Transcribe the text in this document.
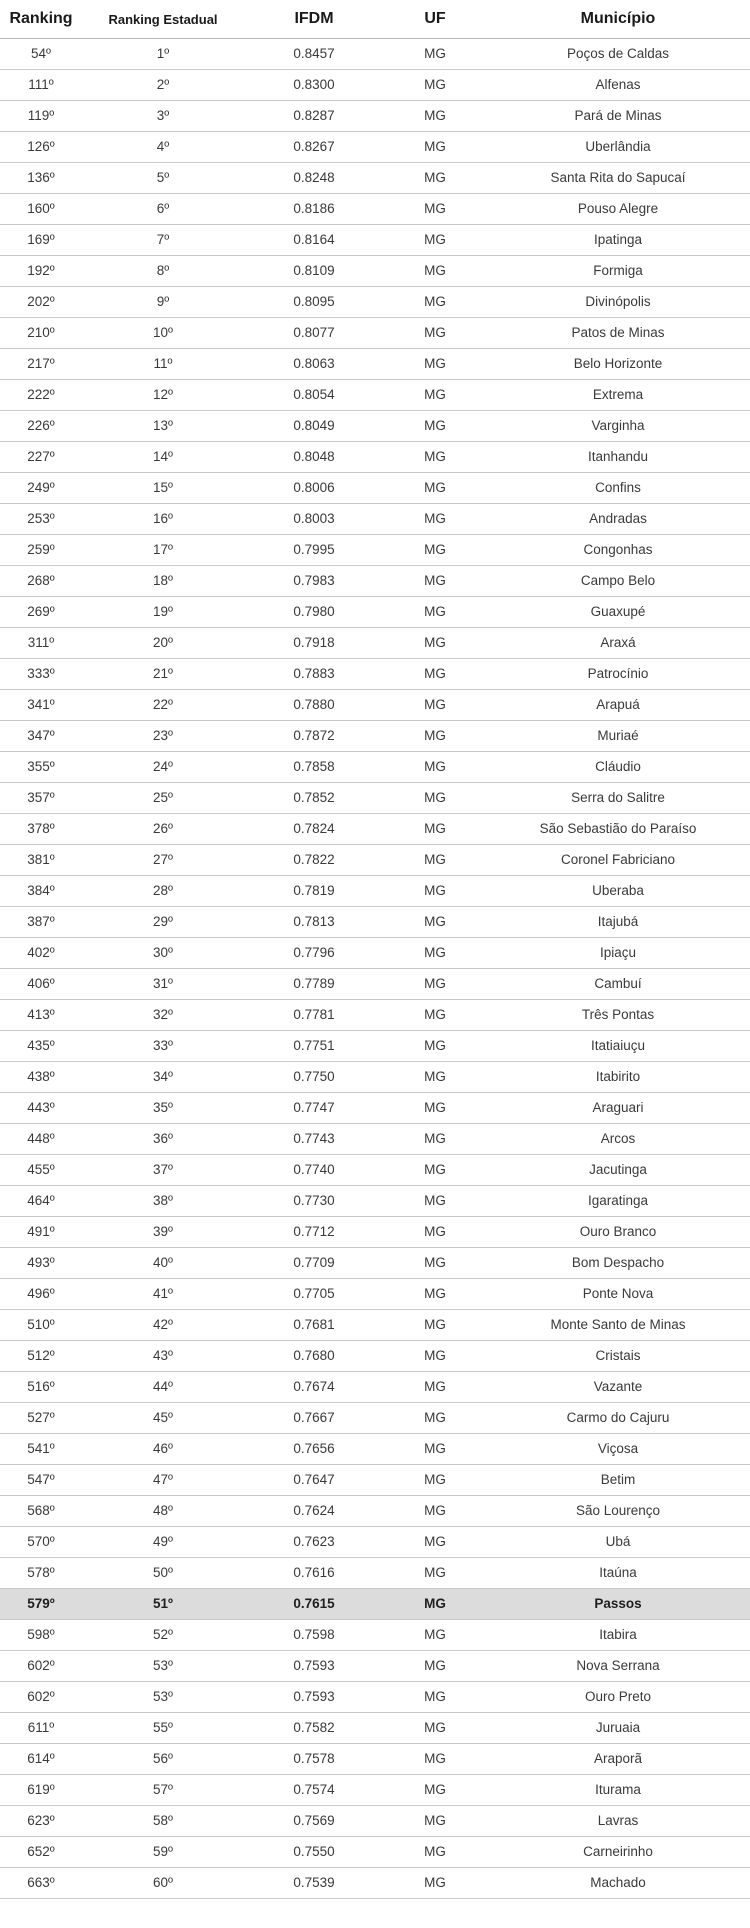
Ranking	Ranking Estadual	IFDM	UF	Município
54º	1º	0.8457	MG	Poços de Caldas
111º	2º	0.8300	MG	Alfenas
119º	3º	0.8287	MG	Pará de Minas
126º	4º	0.8267	MG	Uberlândia
136º	5º	0.8248	MG	Santa Rita do Sapucaí
160º	6º	0.8186	MG	Pouso Alegre
169º	7º	0.8164	MG	Ipatinga
192º	8º	0.8109	MG	Formiga
202º	9º	0.8095	MG	Divinópolis
210º	10º	0.8077	MG	Patos de Minas
217º	11º	0.8063	MG	Belo Horizonte
222º	12º	0.8054	MG	Extrema
226º	13º	0.8049	MG	Varginha
227º	14º	0.8048	MG	Itanhandu
249º	15º	0.8006	MG	Confins
253º	16º	0.8003	MG	Andradas
259º	17º	0.7995	MG	Congonhas
268º	18º	0.7983	MG	Campo Belo
269º	19º	0.7980	MG	Guaxupé
311º	20º	0.7918	MG	Araxá
333º	21º	0.7883	MG	Patrocínio
341º	22º	0.7880	MG	Arapuá
347º	23º	0.7872	MG	Muriaé
355º	24º	0.7858	MG	Cláudio
357º	25º	0.7852	MG	Serra do Salitre
378º	26º	0.7824	MG	São Sebastião do Paraíso
381º	27º	0.7822	MG	Coronel Fabriciano
384º	28º	0.7819	MG	Uberaba
387º	29º	0.7813	MG	Itajubá
402º	30º	0.7796	MG	Ipiaçu
406º	31º	0.7789	MG	Cambuí
413º	32º	0.7781	MG	Três Pontas
435º	33º	0.7751	MG	Itatiaiuçu
438º	34º	0.7750	MG	Itabirito
443º	35º	0.7747	MG	Araguari
448º	36º	0.7743	MG	Arcos
455º	37º	0.7740	MG	Jacutinga
464º	38º	0.7730	MG	Igaratinga
491º	39º	0.7712	MG	Ouro Branco
493º	40º	0.7709	MG	Bom Despacho
496º	41º	0.7705	MG	Ponte Nova
510º	42º	0.7681	MG	Monte Santo de Minas
512º	43º	0.7680	MG	Cristais
516º	44º	0.7674	MG	Vazante
527º	45º	0.7667	MG	Carmo do Cajuru
541º	46º	0.7656	MG	Viçosa
547º	47º	0.7647	MG	Betim
568º	48º	0.7624	MG	São Lourenço
570º	49º	0.7623	MG	Ubá
578º	50º	0.7616	MG	Itaúna
579º	51º	0.7615	MG	Passos
598º	52º	0.7598	MG	Itabira
602º	53º	0.7593	MG	Nova Serrana
602º	53º	0.7593	MG	Ouro Preto
611º	55º	0.7582	MG	Juruaia
614º	56º	0.7578	MG	Araporã
619º	57º	0.7574	MG	Iturama
623º	58º	0.7569	MG	Lavras
652º	59º	0.7550	MG	Carneirinho
663º	60º	0.7539	MG	Machado
